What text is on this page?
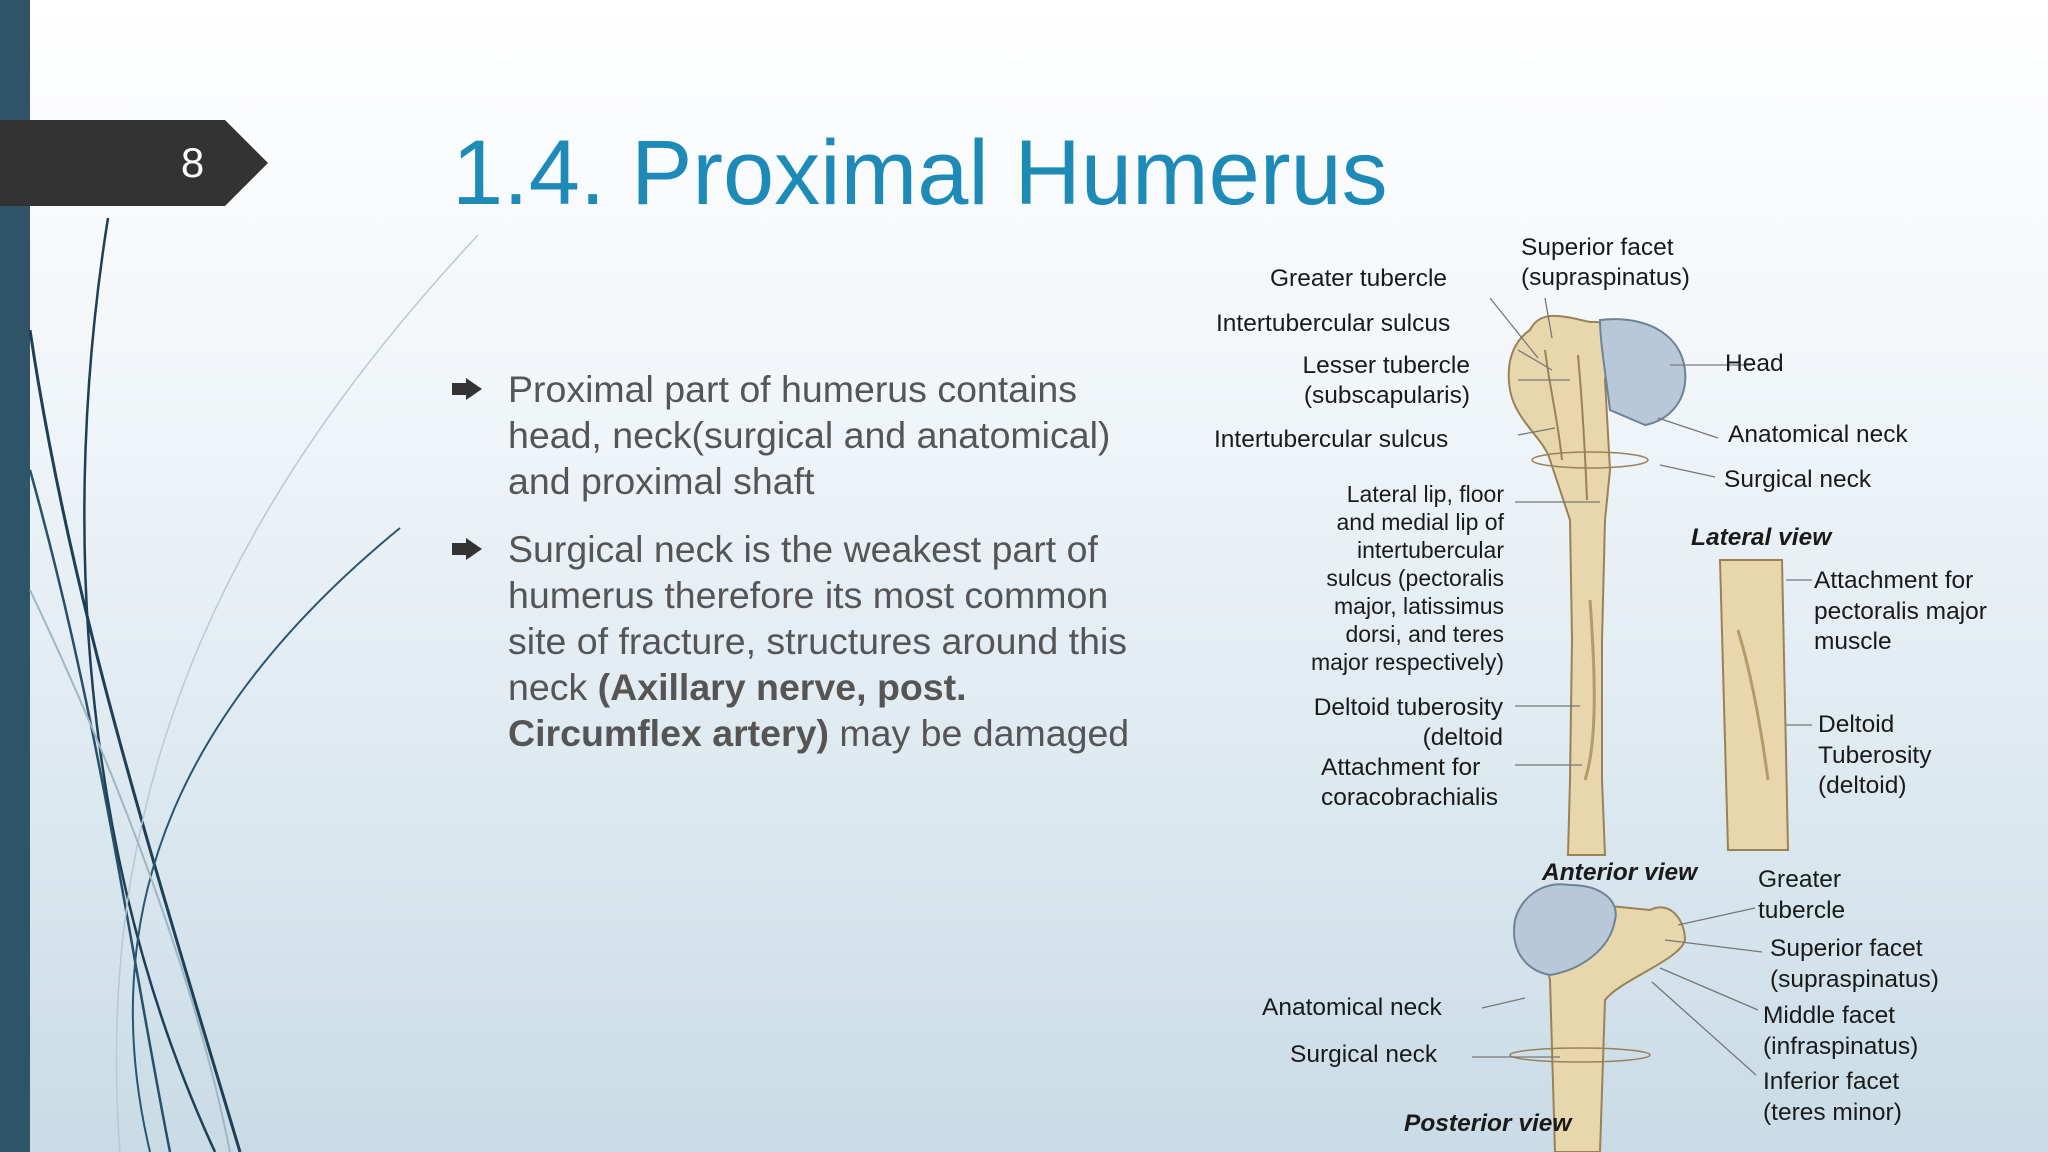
8	1.4. Proximal Humerus
Proximal part of humerus contains head, neck(surgical and anatomical) and proximal shaft
Surgical neck is the weakest part of humerus therefore its most common site of fracture, structures around this neck (Axillary nerve, post. Circumflex artery) may be damaged
Greater tubercle
Superior facet
(supraspinatus)
Intertubercular sulcus
Lesser tubercle
(subscapularis)
Head
Intertubercular sulcus	Anatomical neck
Surgical neck
Lateral lip, floor
and medial lip of
intertubercular
sulcus (pectoralis
major, latissimus
dorsi, and teres
major respectively)
Deltoid tuberosity
(deltoid
Attachment for
coracobrachialis
Anterior view
Lateral view
Attachment for
pectoralis major
muscle
Deltoid
Tuberosity
(deltoid)
Greater
tubercle
Superior facet
(supraspinatus)
Middle facet
(infraspinatus)
Inferior facet
(teres minor)
Anatomical neck
Surgical neck
Posterior view
